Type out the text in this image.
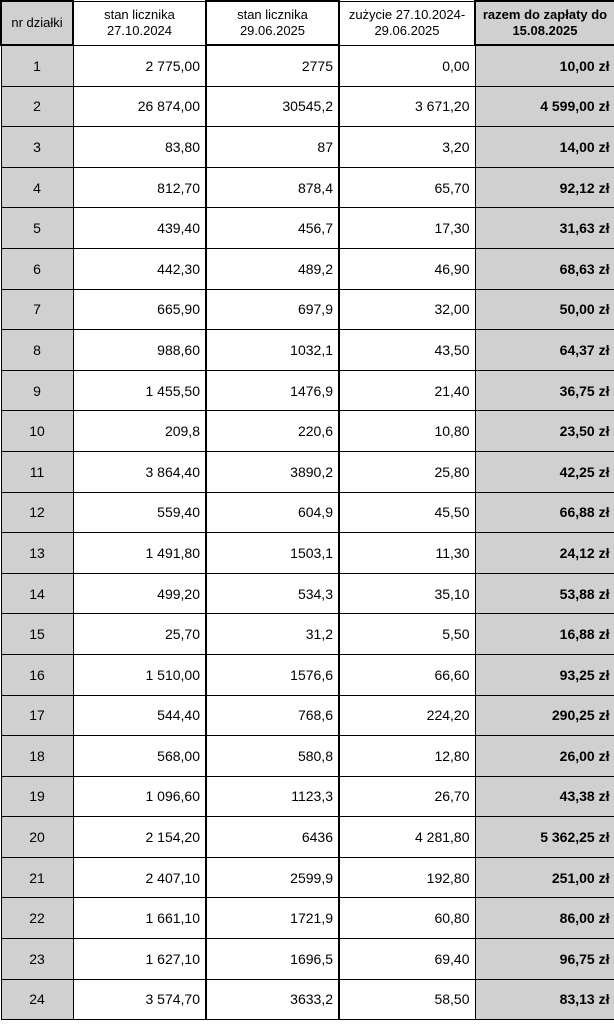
nr działki	stan licznika 27.10.2024	stan licznika 29.06.2025	zużycie 27.10.2024-29.06.2025	razem do zapłaty do 15.08.2025
1	2 775,00	2775	0,00	10,00 zł
2	26 874,00	30545,2	3 671,20	4 599,00 zł
3	83,80	87	3,20	14,00 zł
4	812,70	878,4	65,70	92,12 zł
5	439,40	456,7	17,30	31,63 zł
6	442,30	489,2	46,90	68,63 zł
7	665,90	697,9	32,00	50,00 zł
8	988,60	1032,1	43,50	64,37 zł
9	1 455,50	1476,9	21,40	36,75 zł
10	209,8	220,6	10,80	23,50 zł
11	3 864,40	3890,2	25,80	42,25 zł
12	559,40	604,9	45,50	66,88 zł
13	1 491,80	1503,1	11,30	24,12 zł
14	499,20	534,3	35,10	53,88 zł
15	25,70	31,2	5,50	16,88 zł
16	1 510,00	1576,6	66,60	93,25 zł
17	544,40	768,6	224,20	290,25 zł
18	568,00	580,8	12,80	26,00 zł
19	1 096,60	1123,3	26,70	43,38 zł
20	2 154,20	6436	4 281,80	5 362,25 zł
21	2 407,10	2599,9	192,80	251,00 zł
22	1 661,10	1721,9	60,80	86,00 zł
23	1 627,10	1696,5	69,40	96,75 zł
24	3 574,70	3633,2	58,50	83,13 zł
